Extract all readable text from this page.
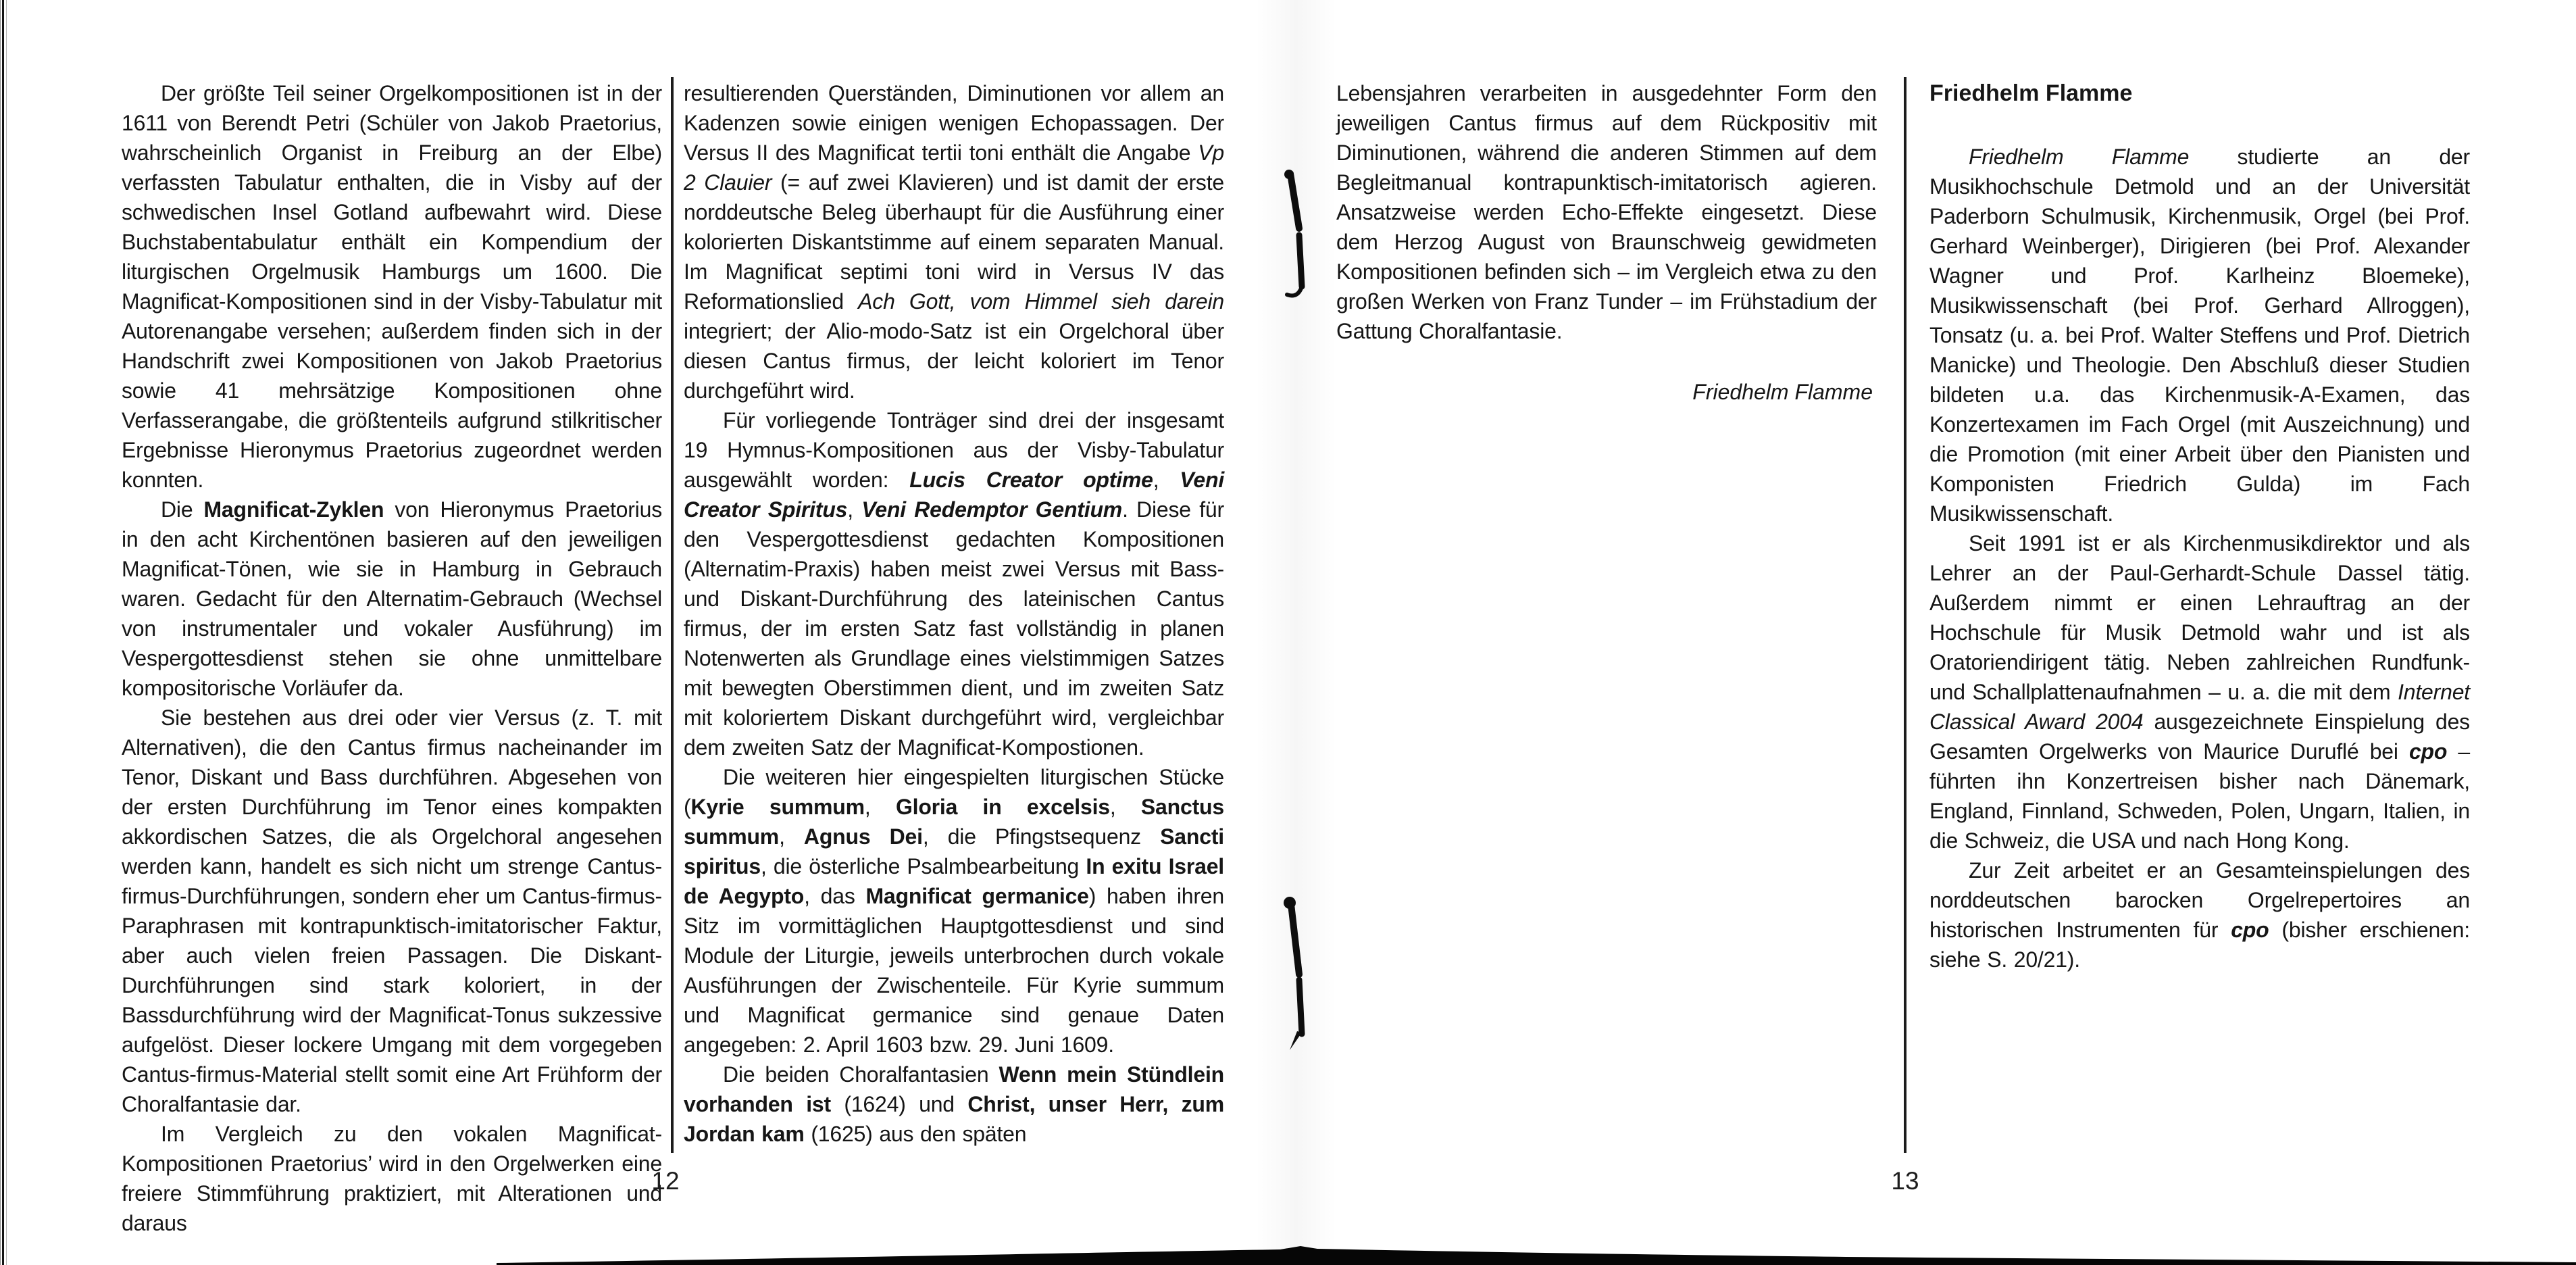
Der größte Teil seiner Orgelkompositionen ist in der 1611 von Berendt Petri (Schüler von Jakob Praetorius, wahrscheinlich Organist in Freiburg an der Elbe) verfassten Tabulatur enthalten, die in Visby auf der schwedischen Insel Gotland aufbewahrt wird. Diese Buchstabentabulatur enthält ein Kompendium der liturgischen Orgelmusik Hamburgs um 1600. Die Magnificat-Kompositionen sind in der Visby-Tabulatur mit Autorenangabe versehen; außerdem finden sich in der Handschrift zwei Kompositionen von Jakob Praetorius sowie 41 mehrsätzige Kompositionen ohne Verfasserangabe, die größtenteils aufgrund stilkritischer Ergebnisse Hieronymus Praetorius zugeordnet werden konnten.

Die Magnificat-Zyklen von Hieronymus Praetorius in den acht Kirchentönen basieren auf den jeweiligen Magnificat-Tönen, wie sie in Hamburg in Gebrauch waren. Gedacht für den Alternatim-Gebrauch (Wechsel von instrumentaler und vokaler Ausführung) im Vespergottesdienst stehen sie ohne unmittelbare kompositorische Vorläufer da.

Sie bestehen aus drei oder vier Versus (z. T. mit Alternativen), die den Cantus firmus nacheinander im Tenor, Diskant und Bass durchführen. Abgesehen von der ersten Durchführung im Tenor eines kompakten akkordischen Satzes, die als Orgelchoral angesehen werden kann, handelt es sich nicht um strenge Cantus-firmus-Durchführungen, sondern eher um Cantus-firmus-Paraphrasen mit kontrapunktisch-imitatorischer Faktur, aber auch vielen freien Passagen. Die Diskant-Durchführungen sind stark koloriert, in der Bassdurchführung wird der Magnificat-Tonus sukzessive aufgelöst. Dieser lockere Umgang mit dem vorgegeben Cantus-firmus-Material stellt somit eine Art Frühform der Choralfantasie dar.

Im Vergleich zu den vokalen Magnificat-Kompositionen Praetorius’ wird in den Orgelwerken eine freiere Stimmführung praktiziert, mit Alterationen und daraus

resultierenden Querständen, Diminutionen vor allem an Kadenzen sowie einigen wenigen Echopassagen. Der Versus II des Magnificat tertii toni enthält die Angabe Vp 2 Clauier (= auf zwei Klavieren) und ist damit der erste norddeutsche Beleg überhaupt für die Ausführung einer kolorierten Diskantstimme auf einem separaten Manual. Im Magnificat septimi toni wird in Versus IV das Reformationslied Ach Gott, vom Himmel sieh darein integriert; der Alio-modo-Satz ist ein Orgelchoral über diesen Cantus firmus, der leicht koloriert im Tenor durchgeführt wird.

Für vorliegende Tonträger sind drei der insgesamt 19 Hymnus-Kompositionen aus der Visby-Tabulatur ausgewählt worden: Lucis Creator optime, Veni Creator Spiritus, Veni Redemptor Gentium. Diese für den Vespergottesdienst gedachten Kompositionen (Alternatim-Praxis) haben meist zwei Versus mit Bass- und Diskant-Durchführung des lateinischen Cantus firmus, der im ersten Satz fast vollständig in planen Notenwerten als Grundlage eines vielstimmigen Satzes mit bewegten Oberstimmen dient, und im zweiten Satz mit koloriertem Diskant durchgeführt wird, vergleichbar dem zweiten Satz der Magnificat-Kompostionen.

Die weiteren hier eingespielten liturgischen Stücke (Kyrie summum, Gloria in excelsis, Sanctus summum, Agnus Dei, die Pfingstsequenz Sancti spiritus, die österliche Psalmbearbeitung In exitu Israel de Aegypto, das Magnificat germanice) haben ihren Sitz im vormittäglichen Hauptgottesdienst und sind Module der Liturgie, jeweils unterbrochen durch vokale Ausführungen der Zwischenteile. Für Kyrie summum und Magnificat germanice sind genaue Daten angegeben: 2. April 1603 bzw. 29. Juni 1609.

Die beiden Choralfantasien Wenn mein Stündlein vorhanden ist (1624) und Christ, unser Herr, zum Jordan kam (1625) aus den späten

12

Lebensjahren verarbeiten in ausgedehnter Form den jeweiligen Cantus firmus auf dem Rückpositiv mit Diminutionen, während die anderen Stimmen auf dem Begleitmanual kontrapunktisch-imitatorisch agieren. Ansatzweise werden Echo-Effekte eingesetzt. Diese dem Herzog August von Braunschweig gewidmeten Kompositionen befinden sich – im Vergleich etwa zu den großen Werken von Franz Tunder – im Frühstadium der Gattung Choralfantasie.

Friedhelm Flamme
Friedhelm Flamme

Friedhelm Flamme studierte an der Musikhochschule Detmold und an der Universität Paderborn Schulmusik, Kirchenmusik, Orgel (bei Prof. Gerhard Weinberger), Dirigieren (bei Prof. Alexander Wagner und Prof. Karlheinz Bloemeke), Musikwissenschaft (bei Prof. Gerhard Allroggen), Tonsatz (u. a. bei Prof. Walter Steffens und Prof. Dietrich Manicke) und Theologie. Den Abschluß dieser Studien bildeten u.a. das Kirchenmusik-A-Examen, das Konzertexamen im Fach Orgel (mit Auszeichnung) und die Promotion (mit einer Arbeit über den Pianisten und Komponisten Friedrich Gulda) im Fach Musikwissenschaft.

Seit 1991 ist er als Kirchenmusikdirektor und als Lehrer an der Paul-Gerhardt-Schule Dassel tätig. Außerdem nimmt er einen Lehrauftrag an der Hochschule für Musik Detmold wahr und ist als Oratoriendirigent tätig. Neben zahlreichen Rundfunk- und Schallplattenaufnahmen – u. a. die mit dem Internet Classical Award 2004 ausgezeichnete Einspielung des Gesamten Orgelwerks von Maurice Duruflé bei cpo – führten ihn Konzertreisen bisher nach Dänemark, England, Finnland, Schweden, Polen, Ungarn, Italien, in die Schweiz, die USA und nach Hong Kong.

Zur Zeit arbeitet er an Gesamteinspielungen des norddeutschen barocken Orgelrepertoires an historischen Instrumenten für cpo (bisher erschienen: siehe S. 20/21).

13
